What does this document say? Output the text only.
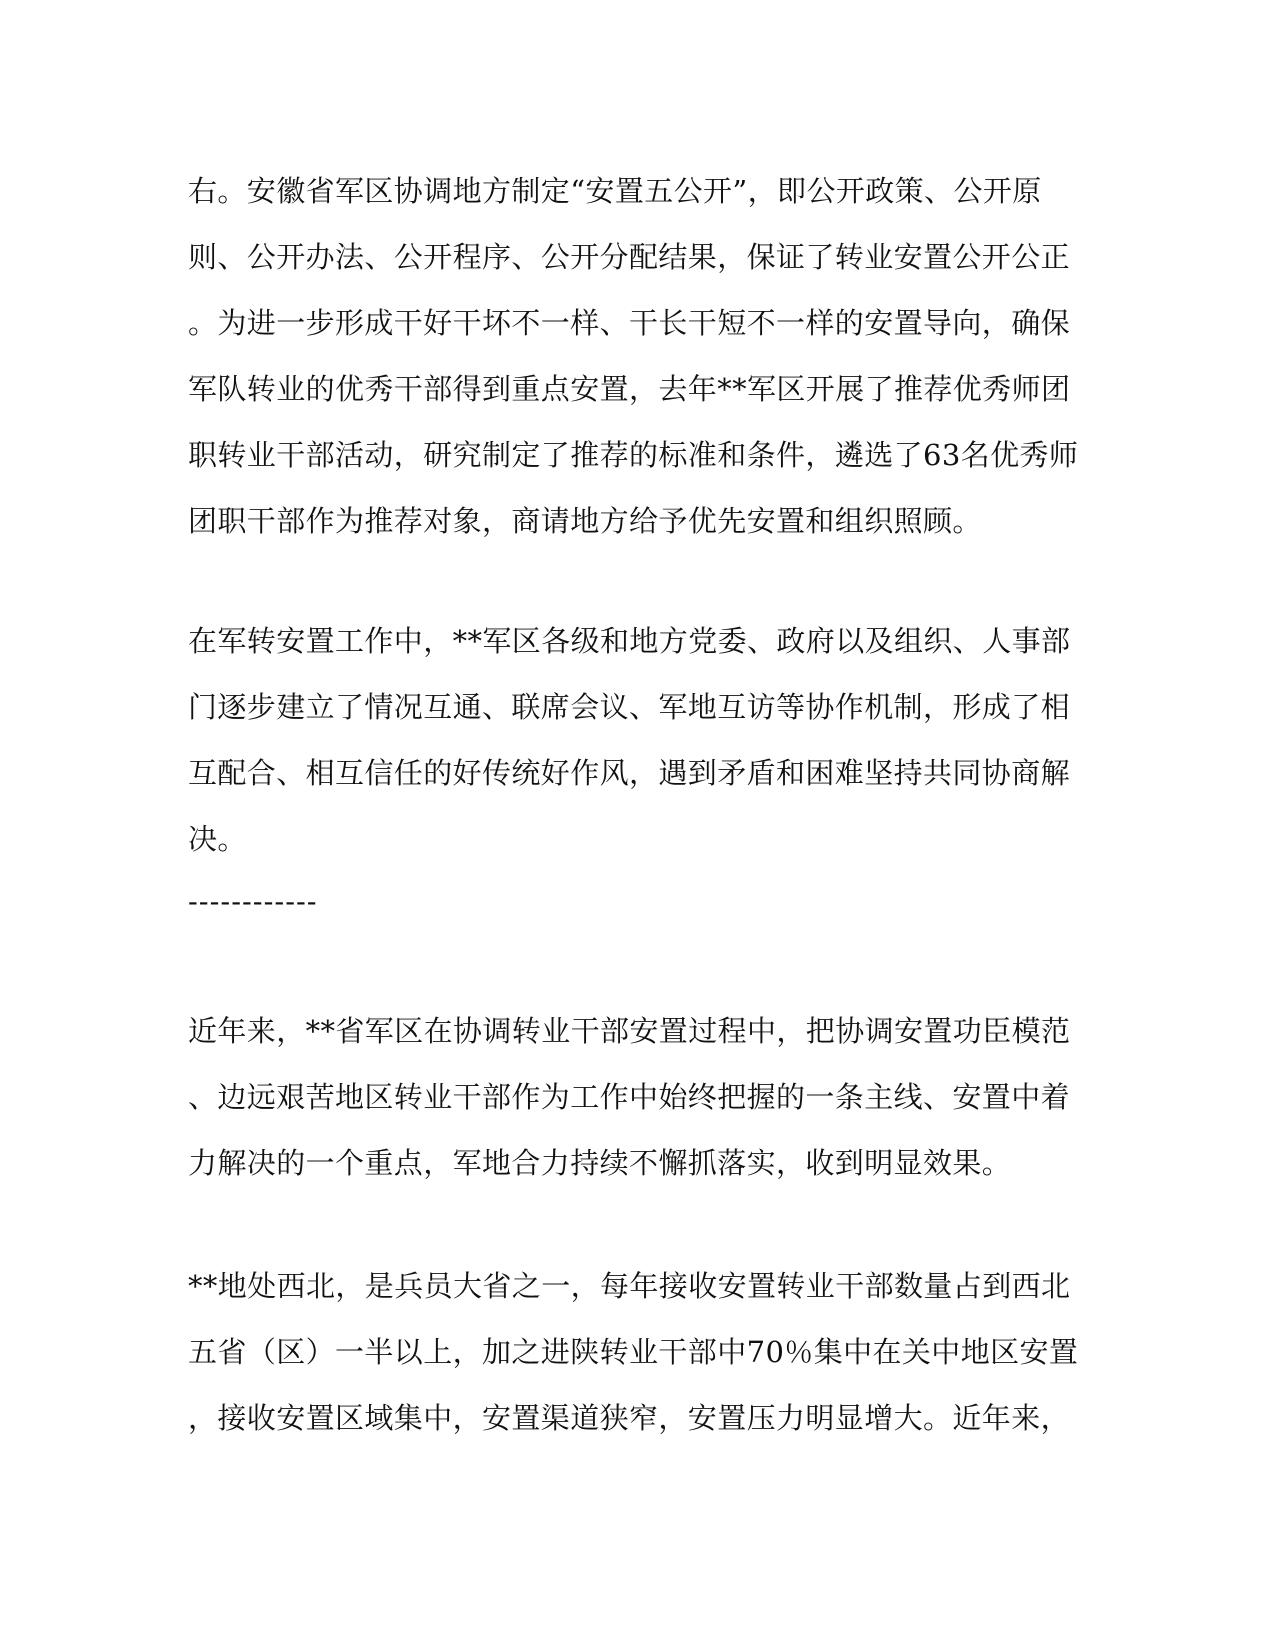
右。安徽省军区协调地方制定“安置五公开”，即公开政策、公开原
则、公开办法、公开程序、公开分配结果，保证了转业安置公开公正
。为进一步形成干好干坏不一样、干长干短不一样的安置导向，确保
军队转业的优秀干部得到重点安置，去年**军区开展了推荐优秀师团
职转业干部活动，研究制定了推荐的标准和条件，遴选了63名优秀师
团职干部作为推荐对象，商请地方给予优先安置和组织照顾。
在军转安置工作中，**军区各级和地方党委、政府以及组织、人事部
门逐步建立了情况互通、联席会议、军地互访等协作机制，形成了相
互配合、相互信任的好传统好作风，遇到矛盾和困难坚持共同协商解
决。
------------
近年来，**省军区在协调转业干部安置过程中，把协调安置功臣模范
、边远艰苦地区转业干部作为工作中始终把握的一条主线、安置中着
力解决的一个重点，军地合力持续不懈抓落实，收到明显效果。
**地处西北，是兵员大省之一，每年接收安置转业干部数量占到西北
五省（区）一半以上，加之进陕转业干部中70％集中在关中地区安置
，接收安置区域集中，安置渠道狭窄，安置压力明显增大。近年来，
